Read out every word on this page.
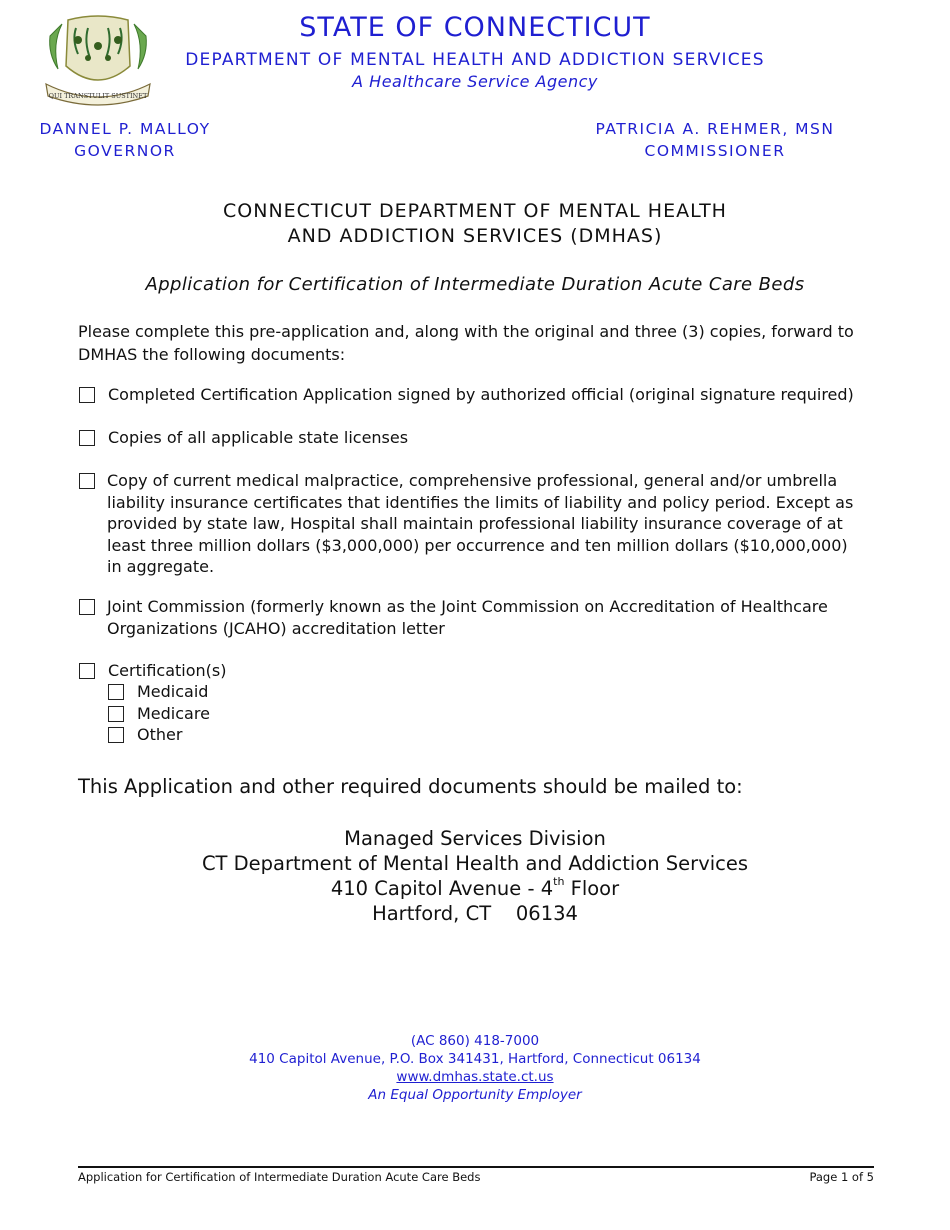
QUI TRANSTULIT SUSTINET
STATE OF CONNECTICUT
DEPARTMENT OF MENTAL HEALTH AND ADDICTION SERVICES
A Healthcare Service Agency
DANNEL P. MALLOY
GOVERNOR
PATRICIA A. REHMER, MSN
COMMISSIONER
CONNECTICUT DEPARTMENT OF MENTAL HEALTH
AND ADDICTION SERVICES (DMHAS)
Application for Certification of Intermediate Duration Acute Care Beds
Please complete this pre-application and, along with the original and three (3) copies, forward to DMHAS the following documents:
Completed Certification Application signed by authorized official (original signature required)
Copies of all applicable state licenses
Copy of current medical malpractice, comprehensive professional, general and/or umbrella liability insurance certificates that identifies the limits of liability and policy period. Except as provided by state law, Hospital shall maintain professional liability insurance coverage of at least three million dollars ($3,000,000) per occurrence and ten million dollars ($10,000,000) in aggregate.
Joint Commission (formerly known as the Joint Commission on Accreditation of Healthcare Organizations (JCAHO) accreditation letter
Certification(s)
Medicaid
Medicare
Other
This Application and other required documents should be mailed to:
Managed Services Division
CT Department of Mental Health and Addiction Services
410 Capitol Avenue - 4th Floor
Hartford, CT    06134
(AC 860) 418-7000
410 Capitol Avenue, P.O. Box 341431, Hartford, Connecticut 06134
www.dmhas.state.ct.us
An Equal Opportunity Employer
Application for Certification of Intermediate Duration Acute Care Beds	Page 1 of 5
